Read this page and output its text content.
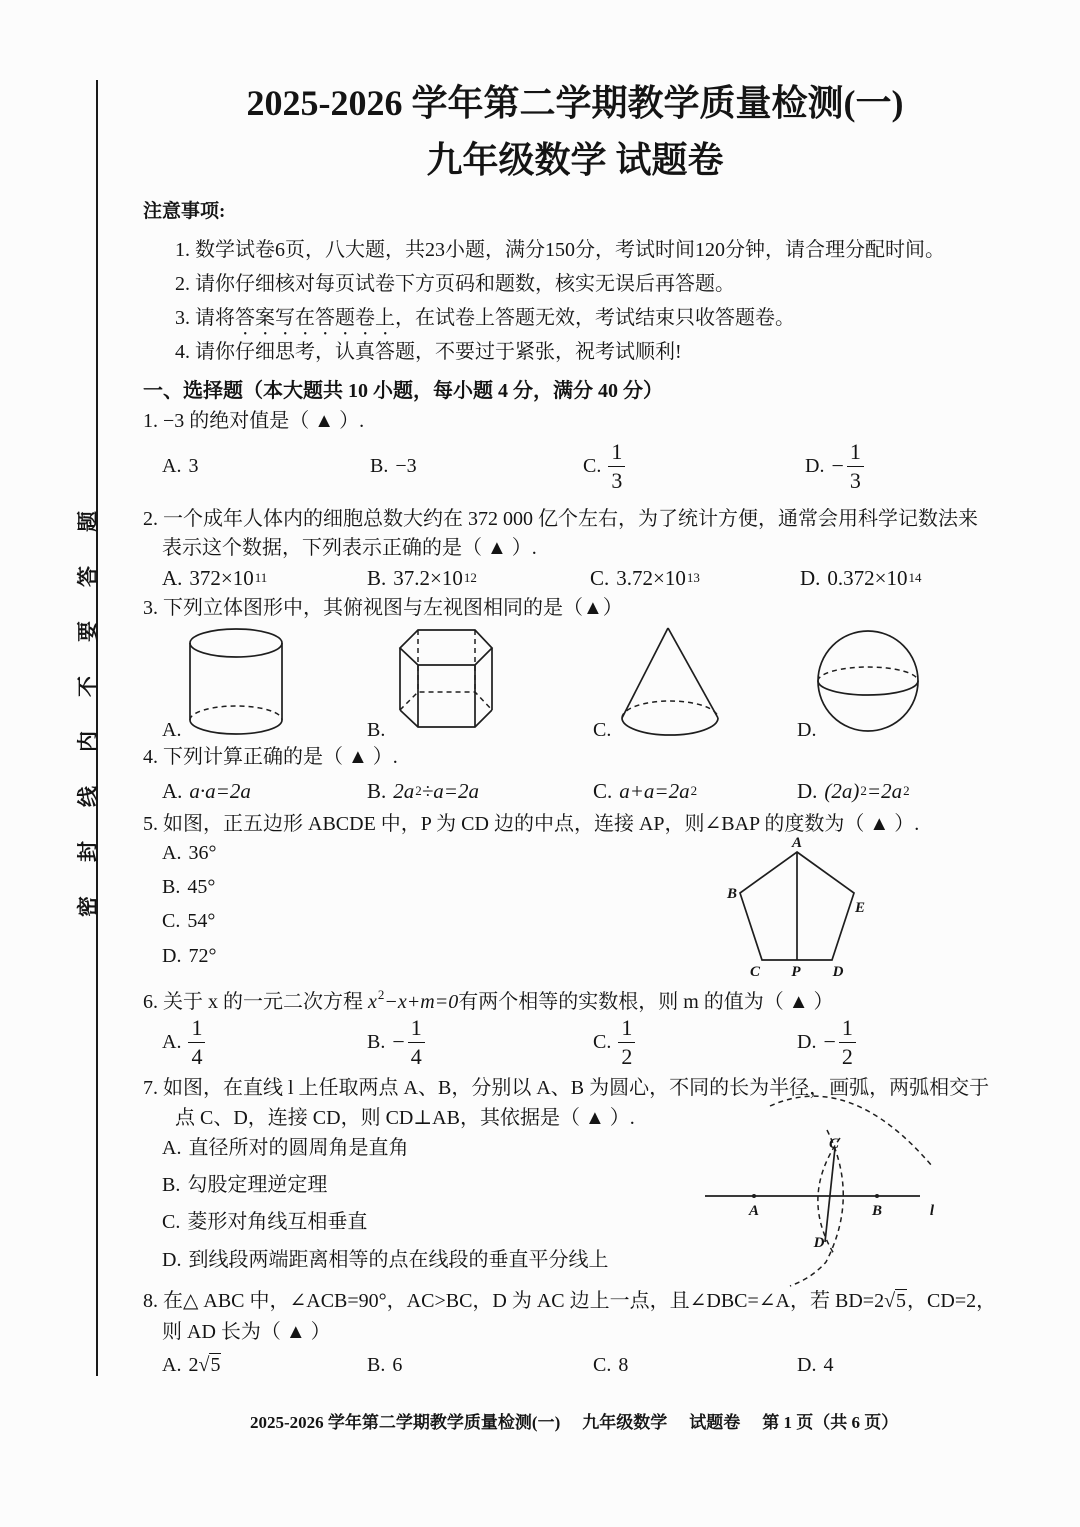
密封线内不要答题
2025-2026 学年第二学期教学质量检测(一)
九年级数学 试题卷
注意事项:
1. 数学试卷6页，八大题，共23小题，满分150分，考试时间120分钟，请合理分配时间。
2. 请你仔细核对每页试卷下方页码和题数，核实无误后再答题。
3. 请将答案写在答题卷上，在试卷上答题无效，考试结束只收答题卷。
4. 请你仔细思考，认真答题，不要过于紧张，祝考试顺利!
一、选择题（本大题共 10 小题，每小题 4 分，满分 40 分）
1. −3 的绝对值是（ ▲ ）.
A. 3	B. −3	C. $\frac{1}{3}$	D. − $\frac{1}{3}$
2. 一个成年人体内的细胞总数大约在 372 000 亿个左右，为了统计方便，通常会用科学记数法来
表示这个数据，下列表示正确的是（ ▲ ）.
A. 372×10 11	B. 37.2×10 12	C. 3.72×10 13	D. 0.372×10 14
3. 下列立体图形中，其俯视图与左视图相同的是（▲）
A.	B.	C.	D.
4. 下列计算正确的是（ ▲ ）.
A. a·a=2a	B. 2a 2 ÷a=2a	C. a+a=2a 2	D. (2a) 2 =2a 2
5. 如图，正五边形 ABCDE 中，P 为 CD 边的中点，连接 AP，则∠BAP 的度数为（ ▲ ）.
A. 36°
B. 45°
C. 54°
D. 72°
A
B
E
C P D
6. 关于 x 的一元二次方程 $x^2-x+m=0$有两个相等的实数根，则 m 的值为（ ▲ ）
A. $\frac{1}{4}$	B. − $\frac{1}{4}$	C. $\frac{1}{2}$	D. − $\frac{1}{2}$
7. 如图，在直线 l 上任取两点 A、B，分别以 A、B 为圆心，不同的长为半径，画弧，两弧相交于
点 C、D，连接 CD，则 CD⊥AB，其依据是（ ▲ ）.
A. 直径所对的圆周角是直角
B. 勾股定理逆定理
C. 菱形对角线互相垂直
D. 到线段两端距离相等的点在线段的垂直平分线上
A	B	l
C
D
8. 在△ ABC 中，∠ACB=90°，AC>BC，D 为 AC 边上一点，且∠DBC=∠A，若 BD=2√5，CD=2，
则 AD 长为（ ▲ ）
A. 2 √ 5	B. 6	C. 8	D. 4
2025-2026 学年第二学期教学质量检测(一) 九年级数学 试题卷 第 1 页（共 6 页）
